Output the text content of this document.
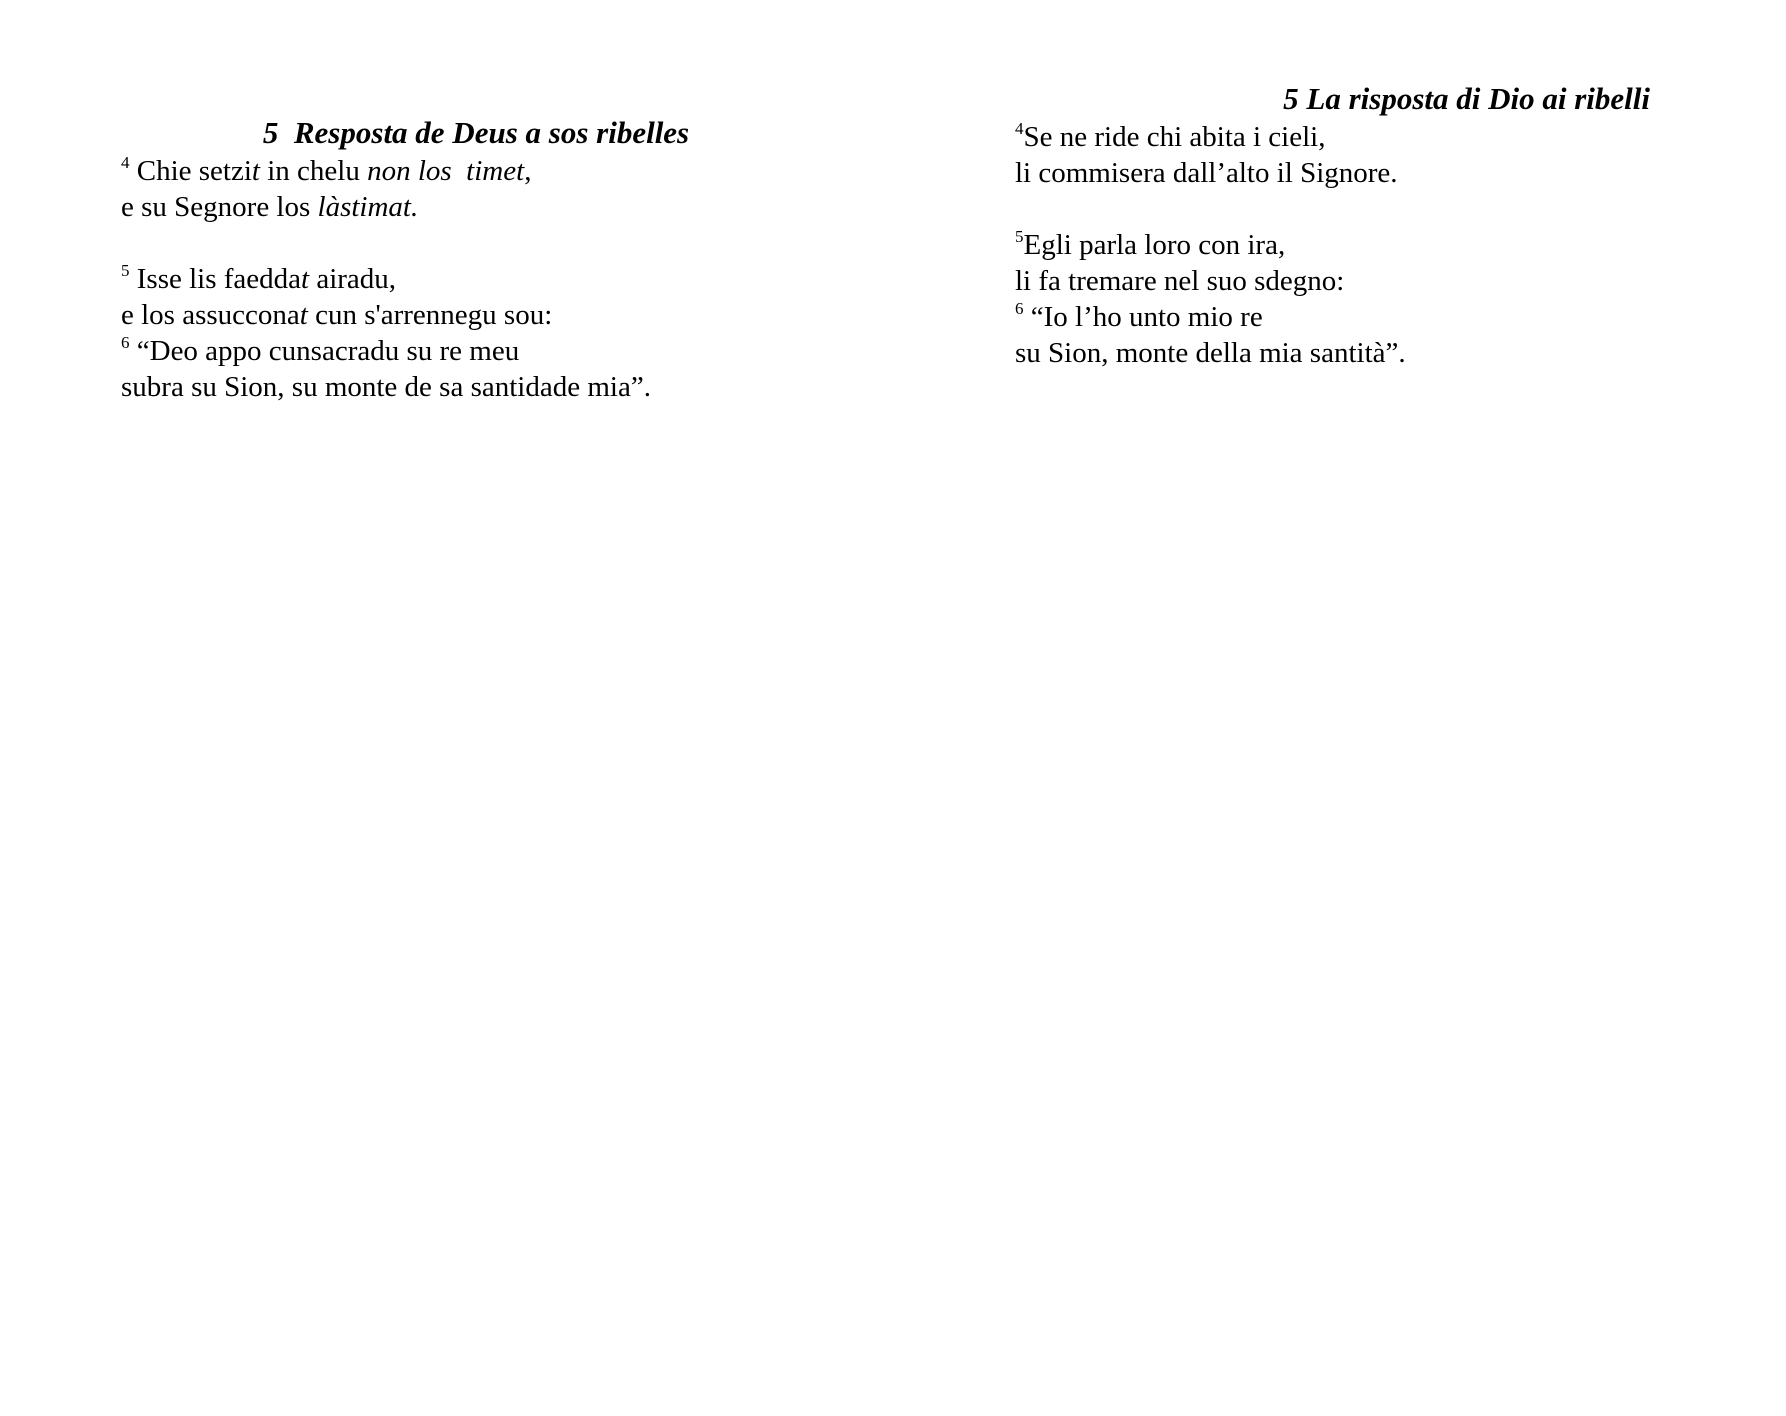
5  Resposta de Deus a sos ribelles
$^4$ Chie setzit in chelu non los  timet,
e su Segnore los làstimat.
$^5$ Isse lis faeddat airadu,
e los assucconat cun s'arrennegu sou:
$^6$ “Deo appo cunsacradu su re meu
subra su Sion, su monte de sa santidade mia”.
5 La risposta di Dio ai ribelli
$^4$Se ne ride chi abita i cieli,
li commisera dall’alto il Signore.
$^5$Egli parla loro con ira,
li fa tremare nel suo sdegno:
$^6$ “Io l’ho unto mio re
su Sion, monte della mia santità”.
